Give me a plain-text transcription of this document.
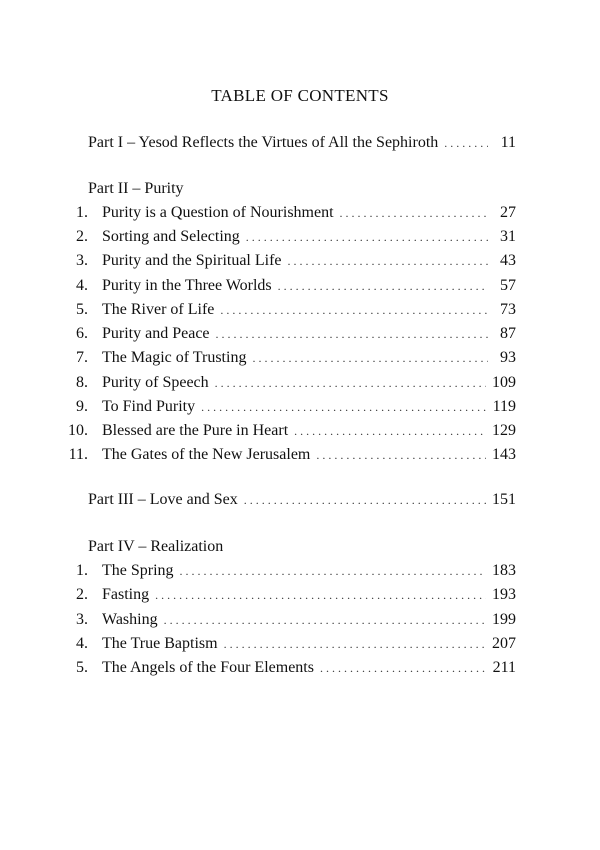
TABLE OF CONTENTS
Part I – Yesod Reflects the Virtues of All the Sephiroth . . .	11
Part II – Purity
1. Purity is a Question of Nourishment . . .	27
2. Sorting and Selecting . . .	31
3. Purity and the Spiritual Life . . .	43
4. Purity in the Three Worlds . . .	57
5. The River of Life . . .	73
6. Purity and Peace . . .	87
7. The Magic of Trusting . . .	93
8. Purity of Speech . . .	109
9. To Find Purity . . .	119
10. Blessed are the Pure in Heart . . .	129
11. The Gates of the New Jerusalem . . .	143
Part III – Love and Sex . . .	151
Part IV – Realization
1. The Spring . . .	183
2. Fasting . . .	193
3. Washing . . .	199
4. The True Baptism . . .	207
5. The Angels of the Four Elements . . .	211
